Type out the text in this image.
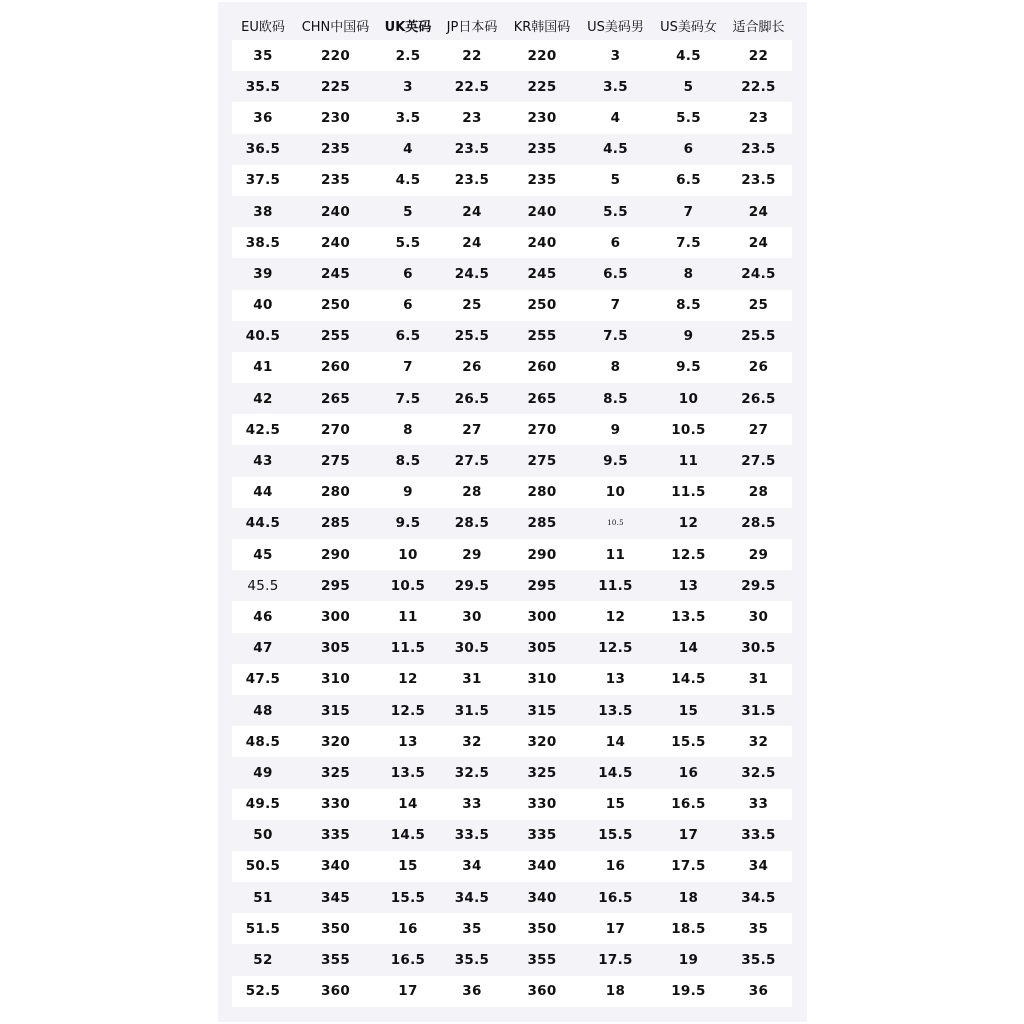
EU欧码	CHN中国码	UK英码	JP日本码	KR韩国码	US美码男	US美码女	适合脚长
35	220	2.5	22	220	3	4.5	22
35.5	225	3	22.5	225	3.5	5	22.5
36	230	3.5	23	230	4	5.5	23
36.5	235	4	23.5	235	4.5	6	23.5
37.5	235	4.5	23.5	235	5	6.5	23.5
38	240	5	24	240	5.5	7	24
38.5	240	5.5	24	240	6	7.5	24
39	245	6	24.5	245	6.5	8	24.5
40	250	6	25	250	7	8.5	25
40.5	255	6.5	25.5	255	7.5	9	25.5
41	260	7	26	260	8	9.5	26
42	265	7.5	26.5	265	8.5	10	26.5
42.5	270	8	27	270	9	10.5	27
43	275	8.5	27.5	275	9.5	11	27.5
44	280	9	28	280	10	11.5	28
44.5	285	9.5	28.5	285	10.5	12	28.5
45	290	10	29	290	11	12.5	29
45.5	295	10.5	29.5	295	11.5	13	29.5
46	300	11	30	300	12	13.5	30
47	305	11.5	30.5	305	12.5	14	30.5
47.5	310	12	31	310	13	14.5	31
48	315	12.5	31.5	315	13.5	15	31.5
48.5	320	13	32	320	14	15.5	32
49	325	13.5	32.5	325	14.5	16	32.5
49.5	330	14	33	330	15	16.5	33
50	335	14.5	33.5	335	15.5	17	33.5
50.5	340	15	34	340	16	17.5	34
51	345	15.5	34.5	340	16.5	18	34.5
51.5	350	16	35	350	17	18.5	35
52	355	16.5	35.5	355	17.5	19	35.5
52.5	360	17	36	360	18	19.5	36
